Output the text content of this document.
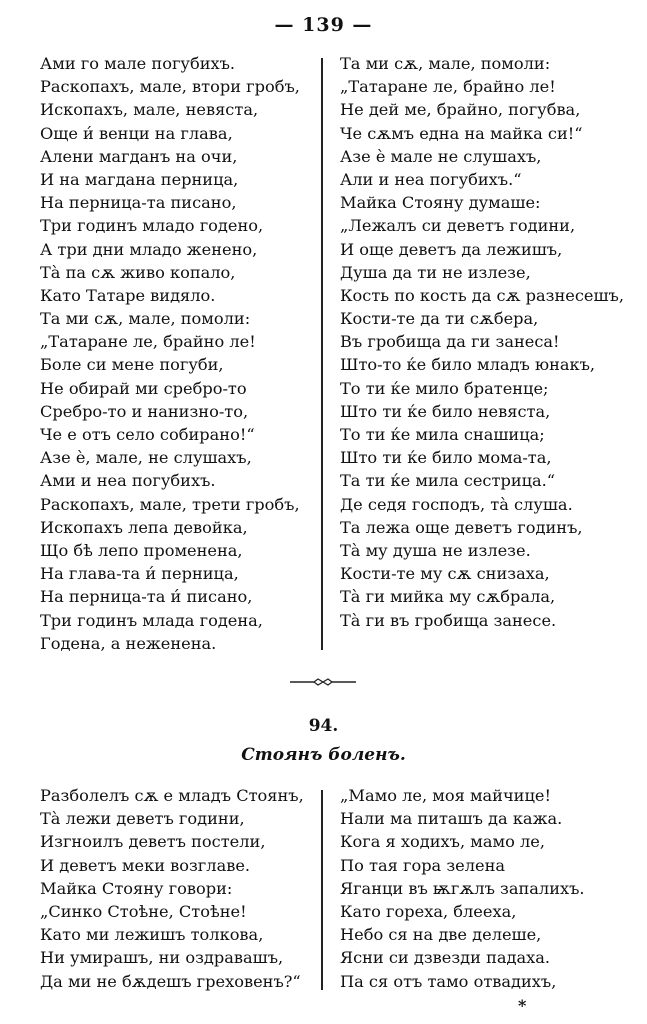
— 139 —
Ами го мале погубихъ.
Раскопахъ, мале, втори гробъ,
Ископахъ, мале, невяста,
Още и́ венци на глава,
Алени магданъ на очи,
И на магдана перница,
На перница-та писано,
Три годинъ младо годено,
А три дни младо женено,
Тà па сѫ живо копало,
Като Татаре видяло.
Та ми сѫ, мале, помоли:
„Татаране ле, брайно ле!
Боле си мене погуби,
Не обирай ми сребро-то
Сребро-то и нанизно-то,
Че е отъ село собирано!“
Азе è, мале, не слушахъ,
Ами и неа погубихъ.
Раскопахъ, мале, трети гробъ,
Ископахъ лепа девойка,
Що бѣ лепо променена,
На глава-та и́ перница,
На перница-та и́ писано,
Три годинъ млада годена,
Годена, а неженена.
Та ми сѫ, мале, помоли:
„Татаране ле, брайно ле!
Не дей ме, брайно, погубва,
Че сѫмъ една на майка си!“
Азе è мале не слушахъ,
Али и неа погубихъ.“
Майка Стояну думаше:
„Лежалъ си деветъ години,
И още деветъ да лежишъ,
Душа да ти не излезе,
Кость по кость да сѫ разнесешъ,
Кости-те да ти сѫбера,
Въ гробища да ги занеса!
Што-то ќе било младъ юнакъ,
То ти ќе мило братенце;
Што ти ќе било невяста,
То ти ќе мила снашица;
Што ти ќе било мома-та,
Та ти ќе мила сестрица.“
Де седя господъ, тà слуша.
Та лежа още деветъ годинъ,
Тà му душа не излезе.
Кости-те му сѫ снизаха,
Тà ги мийка му сѫбрала,
Тà ги въ гробища занесе.
94.
Стоянъ боленъ.
Разболелъ сѫ е младъ Стоянъ,
Тà лежи деветъ години,
Изгноилъ деветъ постели,
И деветъ меки возглаве.
Майка Стояну говори:
„Синко Стоѣне, Стоѣне!
Като ми лежишъ толкова,
Ни умирашъ, ни оздравашъ,
Да ми не бѫдешъ греховенъ?“
„Мамо ле, моя майчице!
Нали ма питашъ да кажа.
Кога я ходихъ, мамо ле,
По тая гора зелена
Яганци въ ѭгѫлъ запалихъ.
Като гореха, блееха,
Небо ся на две делеше,
Ясни си дзвезди падаха.
Па ся отъ тамо отвадихъ,
*
